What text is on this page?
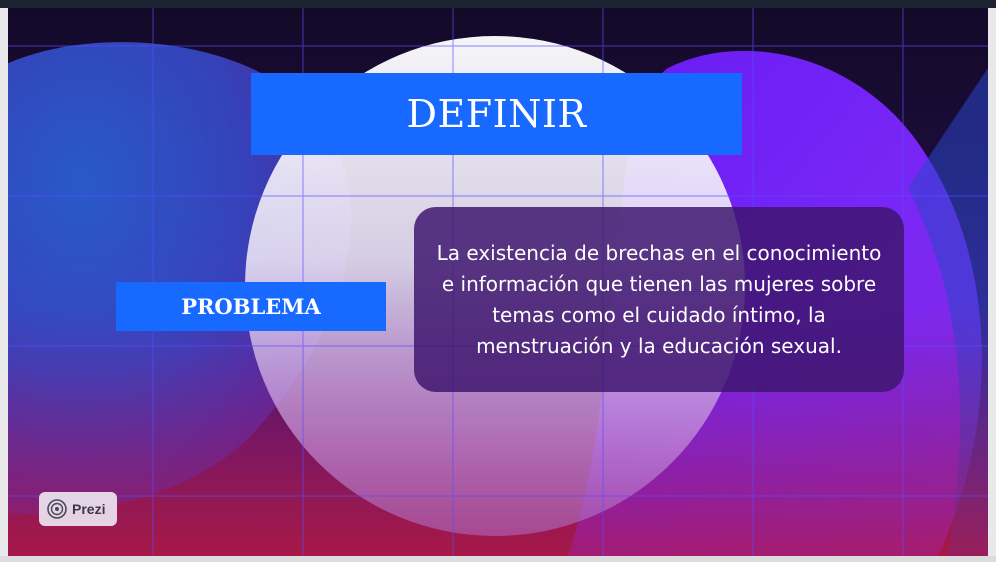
DEFINIR
PROBLEMA

La existencia de brechas en el conocimiento e información que tienen las mujeres sobre temas como el cuidado íntimo, la menstruación y la educación sexual.

Prezi
